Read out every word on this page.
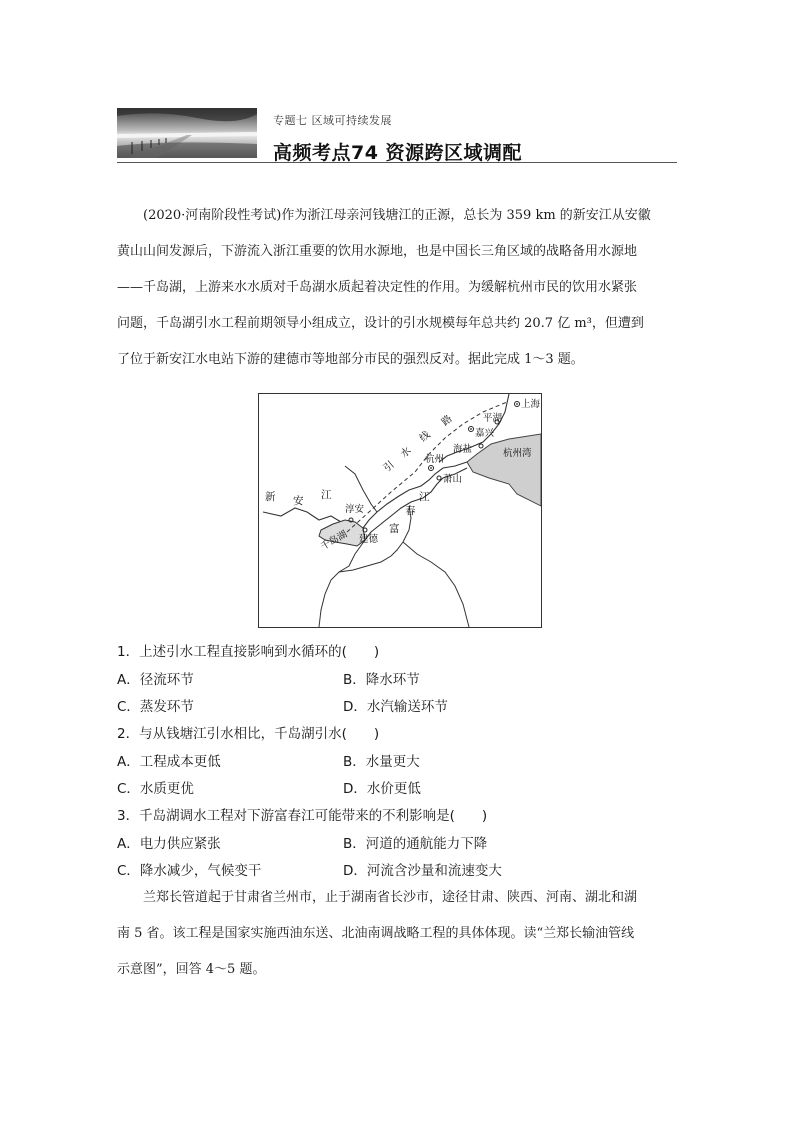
专题七 区域可持续发展
高频考点74 资源跨区域调配
(2020·河南阶段性考试)作为浙江母亲河钱塘江的正源，总长为 359 km 的新安江从安徽
黄山山间发源后，下游流入浙江重要的饮用水源地，也是中国长三角区域的战略备用水源地
——千岛湖，上游来水水质对千岛湖水质起着决定性的作用。为缓解杭州市民的饮用水紧张
问题，千岛湖引水工程前期领导小组成立，设计的引水规模每年总共约 20.7 亿 m³，但遭到
了位于新安江水电站下游的建德市等地部分市民的强烈反对。据此完成 1～3 题。
上海
平湖
嘉兴
海盐	杭州湾
杭州
萧山
新 安 江
淳安
江
春
富
千岛湖 建德
引
水
线
路
1．上述引水工程直接影响到水循环的(　　)
A．径流环节	B．降水环节
C．蒸发环节	D．水汽输送环节
2．与从钱塘江引水相比，千岛湖引水(　　)
A．工程成本更低	B．水量更大
C．水质更优	D．水价更低
3．千岛湖调水工程对下游富春江可能带来的不利影响是(　　)
A．电力供应紧张	B．河道的通航能力下降
C．降水减少，气候变干	D．河流含沙量和流速变大
兰郑长管道起于甘肃省兰州市，止于湖南省长沙市，途径甘肃、陕西、河南、湖北和湖
南 5 省。该工程是国家实施西油东送、北油南调战略工程的具体体现。读“兰郑长输油管线
示意图”，回答 4～5 题。
